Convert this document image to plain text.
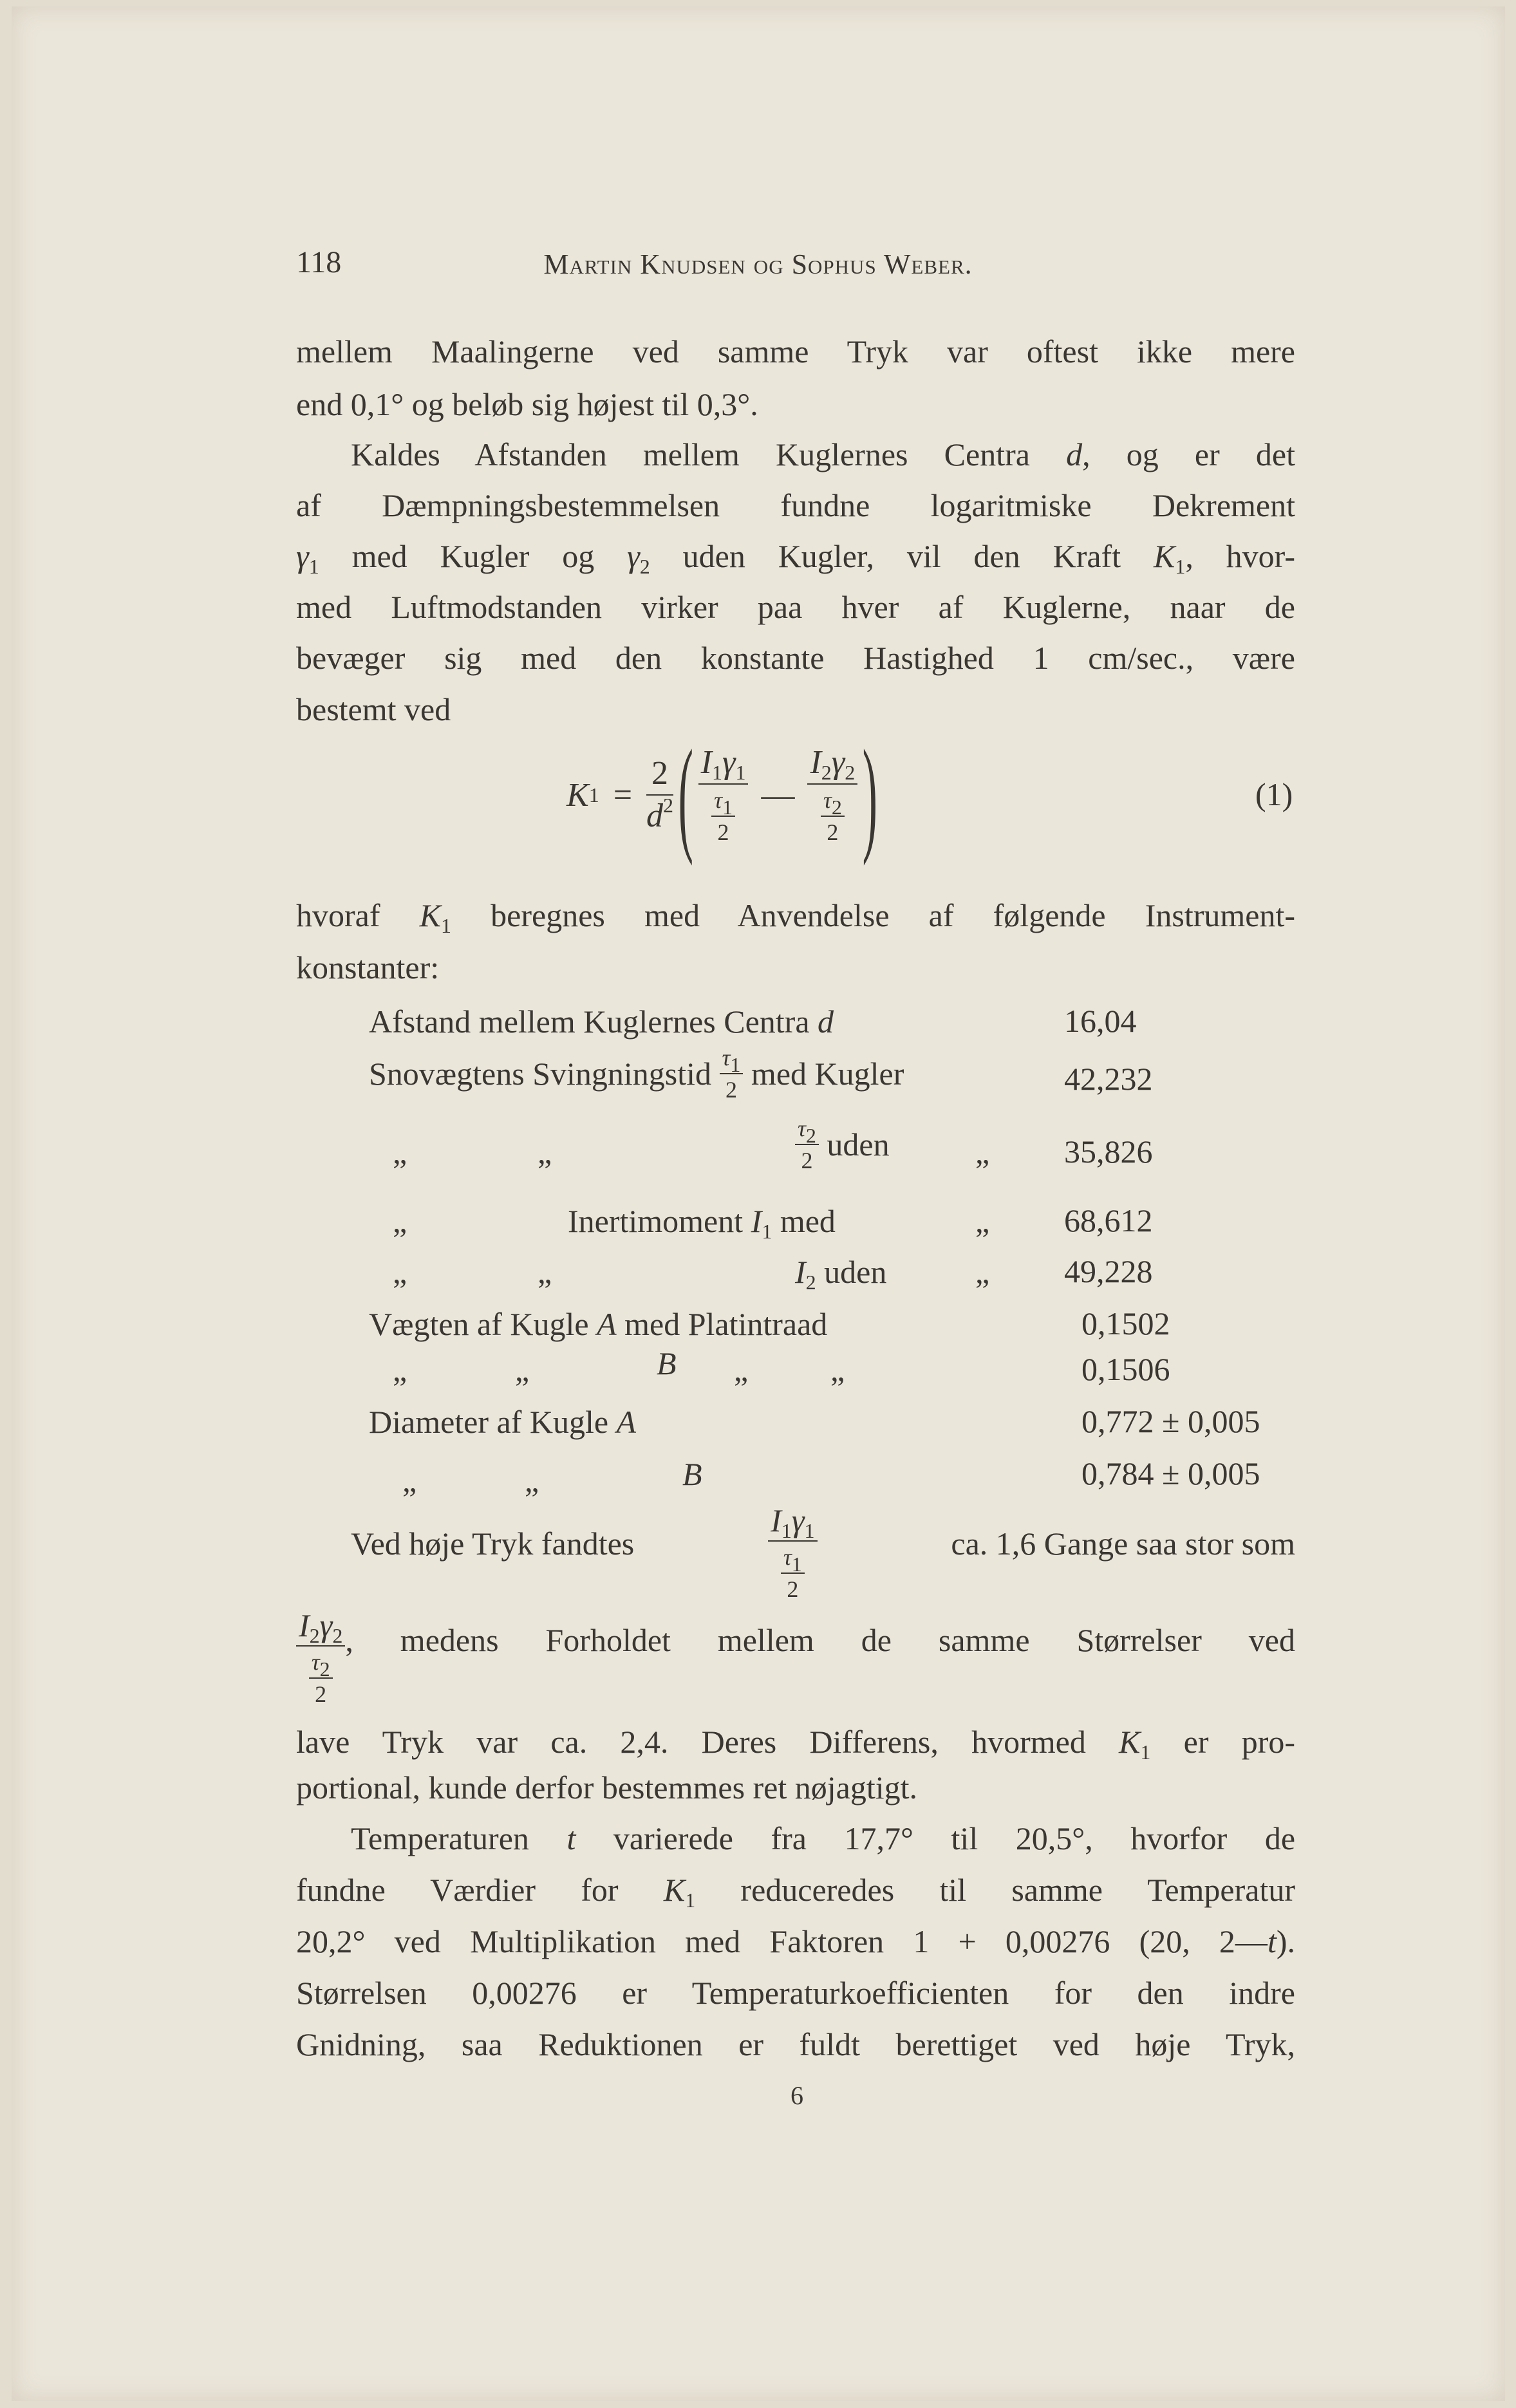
118	Martin Knudsen og Sophus Weber.
mellem Maalingerne ved samme Tryk var oftest ikke mere
end 0,1° og beløb sig højest til 0,3°.
Kaldes Afstanden mellem Kuglernes Centra d, og er det
af Dæmpningsbestemmelsen fundne logaritmiske Dekrement
$\gamma_1$ med Kugler og $\gamma_2$ uden Kugler, vil den Kraft $K_1$, hvor-
med Luftmodstanden virker paa hver af Kuglerne, naar de
bevæger sig med den konstante Hastighed 1 cm/sec., være
bestemt ved
K $1 = \frac{2}{d^2}$ ( $\frac{I_1\gamma_1}{\frac{\tau_1}{2}}$ — $\frac{I_2\gamma_2}{\frac{\tau_2}{2}}$ )	(1)
hvoraf $K_1$ beregnes med Anvendelse af følgende Instrument-
konstanter:
Afstand mellem Kuglernes Centra d	16,04
Snovægtens Svingningstid $\frac{\tau_1}{2}$ med Kugler	42,232
„	„	$\frac{\tau_2}{2}$ uden	„ 35,826
„	Inertimoment $I_1$ med	„ 68,612
„	„	$I_2$ uden	„ 49,228
Vægten af Kugle A med Platintraad	0,1502
„	„	B „	„	0,1506
Diameter af Kugle A	0,772 ± 0,005
„	„	B	0,784 ± 0,005
Ved høje Tryk fandtes	$\frac{I_1\gamma_1}{\frac{\tau_1}{2}}$	ca. 1,6 Gange saa stor som
$\frac{I_2\gamma_2}{\frac{\tau_2}{2}}$ , medens Forholdet mellem de samme Størrelser ved
lave Tryk var ca. 2,4. Deres Differens, hvormed $K_1$ er pro-
portional, kunde derfor bestemmes ret nøjagtigt.
Temperaturen t varierede fra 17,7° til 20,5°, hvorfor de
fundne Værdier for $K_1$ reduceredes til samme Temperatur
20,2° ved Multiplikation med Faktoren 1 + 0,00276 (20, 2—t).
Størrelsen 0,00276 er Temperaturkoefficienten for den indre
Gnidning, saa Reduktionen er fuldt berettiget ved høje Tryk,
6
